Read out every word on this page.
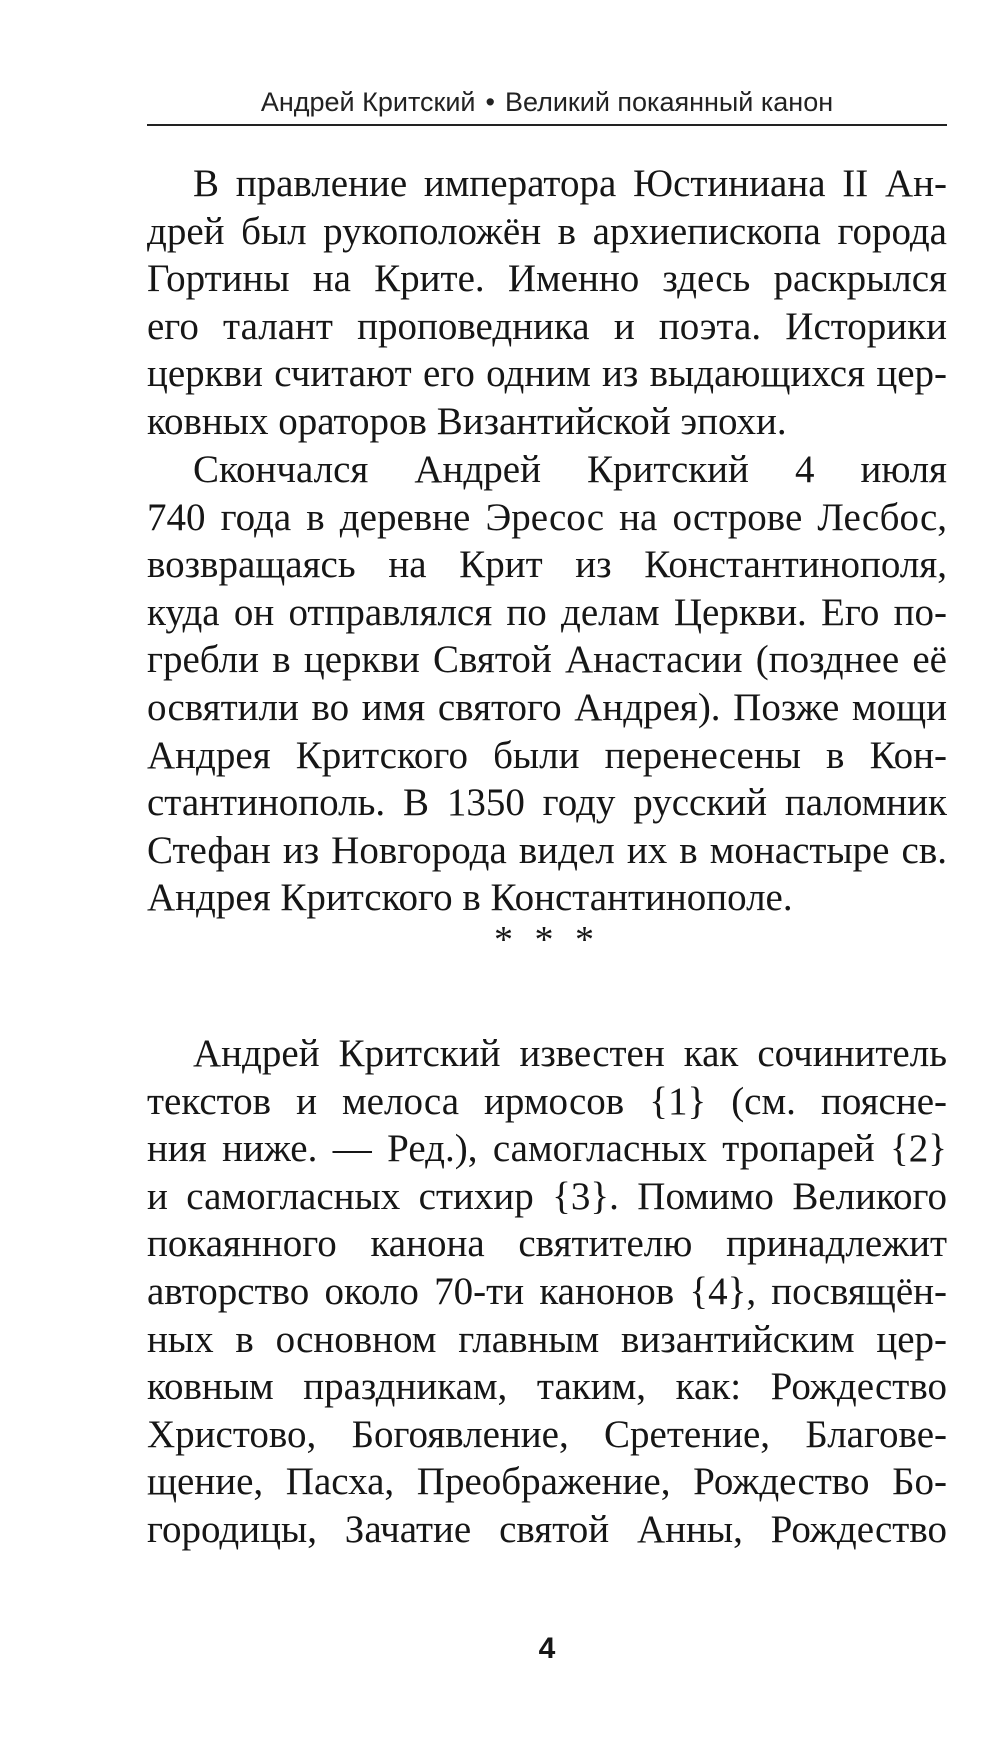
Андрей Критский • Великий покаянный канон
В правление императора Юстиниана II Ан-
дрей был рукоположён в архиепископа города
Гортины на Крите. Именно здесь раскрылся
его талант проповедника и поэта. Историки
церкви считают его одним из выдающихся цер-
ковных ораторов Византийской эпохи.
Скончался Андрей Критский 4 июля
740 года в деревне Эресос на острове Лесбос,
возвращаясь на Крит из Константинополя,
куда он отправлялся по делам Церкви. Его по-
гребли в церкви Святой Анастасии (позднее её
освятили во имя святого Андрея). Позже мощи
Андрея Критского были перенесены в Кон-
стантинополь. В 1350 году русский паломник
Стефан из Новгорода видел их в монастыре св.
Андрея Критского в Константинополе.
* * *
Андрей Критский известен как сочинитель
текстов и мелоса ирмосов {1} (см. поясне-
ния ниже. — Ред.), самогласных тропарей {2}
и самогласных стихир {3}. Помимо Великого
покаянного канона святителю принадлежит
авторство около 70-ти канонов {4}, посвящён-
ных в основном главным византийским цер-
ковным праздникам, таким, как: Рождество
Христово, Богоявление, Сретение, Благове-
щение, Пасха, Преображение, Рождество Бо-
городицы, Зачатие святой Анны, Рождество
4
